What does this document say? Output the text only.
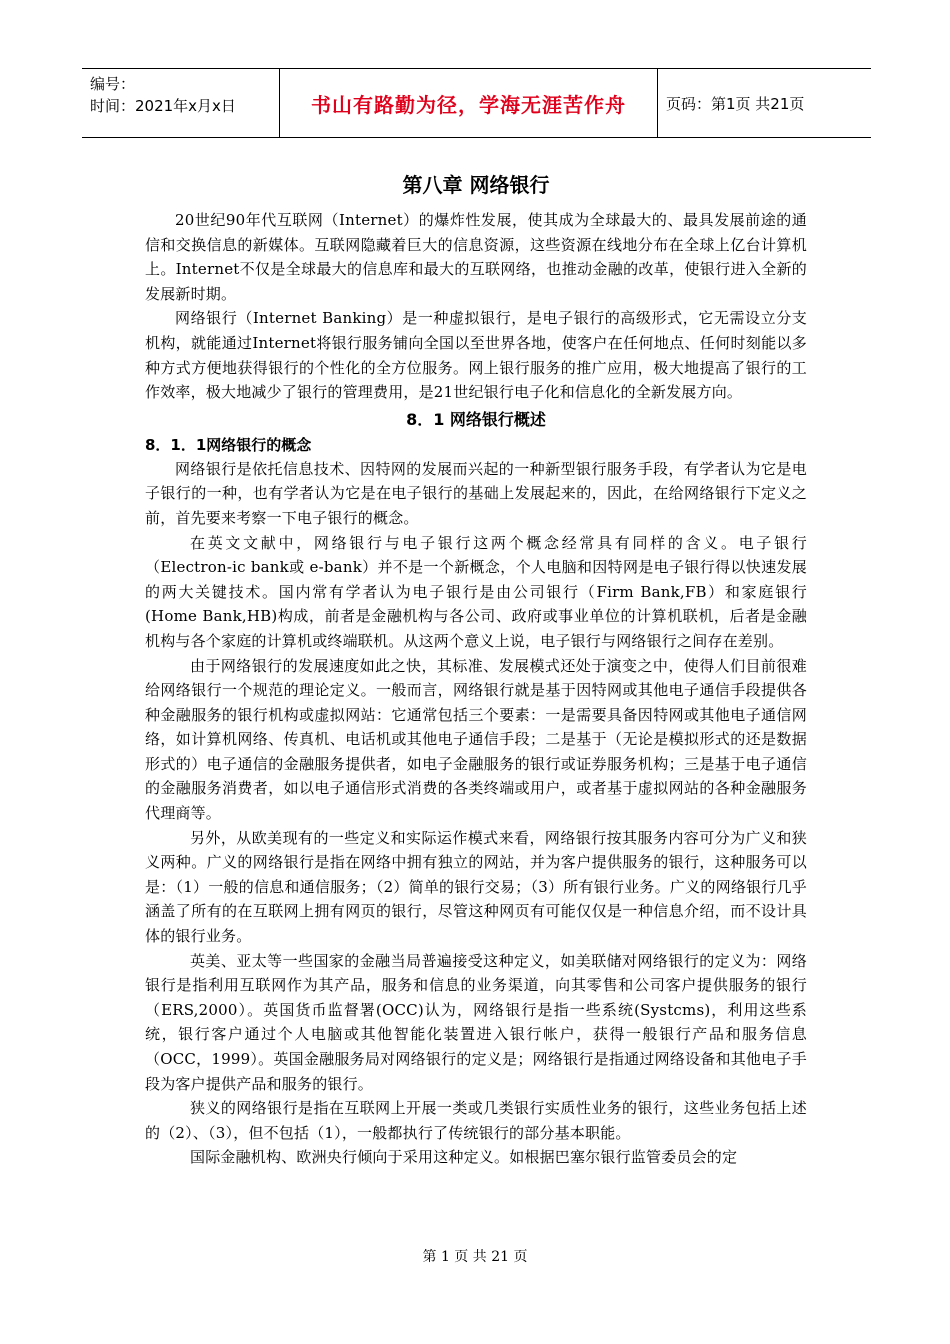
编号：
时间：2021年x月x日	书山有路勤为径，学海无涯苦作舟	页码：第1页 共21页
第八章 网络银行

20世纪90年代互联网（Internet）的爆炸性发展，使其成为全球最大的、最具发展前途的通信和交换信息的新媒体。互联网隐藏着巨大的信息资源，这些资源在线地分布在全球上亿台计算机上。Internet不仅是全球最大的信息库和最大的互联网络，也推动金融的改革，使银行进入全新的发展新时期。

网络银行（Internet Banking）是一种虚拟银行，是电子银行的高级形式，它无需设立分支机构，就能通过Internet将银行服务铺向全国以至世界各地，使客户在任何地点、任何时刻能以多种方式方便地获得银行的个性化的全方位服务。网上银行服务的推广应用，极大地提高了银行的工作效率，极大地减少了银行的管理费用，是21世纪银行电子化和信息化的全新发展方向。

8．1 网络银行概述
8．1．1网络银行的概念

网络银行是依托信息技术、因特网的发展而兴起的一种新型银行服务手段，有学者认为它是电子银行的一种，也有学者认为它是在电子银行的基础上发展起来的，因此，在给网络银行下定义之前，首先要来考察一下电子银行的概念。

在英文文献中，网络银行与电子银行这两个概念经常具有同样的含义。电子银行（Electron-ic bank或 e-bank）并不是一个新概念，个人电脑和因特网是电子银行得以快速发展的两大关键技术。国内常有学者认为电子银行是由公司银行（Firm Bank,FB）和家庭银行(Home Bank,HB)构成，前者是金融机构与各公司、政府或事业单位的计算机联机，后者是金融机构与各个家庭的计算机或终端联机。从这两个意义上说，电子银行与网络银行之间存在差别。

由于网络银行的发展速度如此之快，其标准、发展模式还处于演变之中，使得人们目前很难给网络银行一个规范的理论定义。一般而言，网络银行就是基于因特网或其他电子通信手段提供各种金融服务的银行机构或虚拟网站：它通常包括三个要素：一是需要具备因特网或其他电子通信网络，如计算机网络、传真机、电话机或其他电子通信手段；二是基于（无论是模拟形式的还是数据形式的）电子通信的金融服务提供者，如电子金融服务的银行或证券服务机构；三是基于电子通信的金融服务消费者，如以电子通信形式消费的各类终端或用户，或者基于虚拟网站的各种金融服务代理商等。

另外，从欧美现有的一些定义和实际运作模式来看，网络银行按其服务内容可分为广义和狭义两种。广义的网络银行是指在网络中拥有独立的网站，并为客户提供服务的银行，这种服务可以是：（1）一般的信息和通信服务；（2）简单的银行交易；（3）所有银行业务。广义的网络银行几乎涵盖了所有的在互联网上拥有网页的银行，尽管这种网页有可能仅仅是一种信息介绍，而不设计具体的银行业务。

英美、亚太等一些国家的金融当局普遍接受这种定义，如美联储对网络银行的定义为：网络银行是指利用互联网作为其产品，服务和信息的业务渠道，向其零售和公司客户提供服务的银行（ERS,2000）。英国货币监督署(OCC)认为，网络银行是指一些系统(Systcms)，利用这些系统，银行客户通过个人电脑或其他智能化装置进入银行帐户，获得一般银行产品和服务信息（OCC，1999）。英国金融服务局对网络银行的定义是；网络银行是指通过网络设备和其他电子手段为客户提供产品和服务的银行。

狭义的网络银行是指在互联网上开展一类或几类银行实质性业务的银行，这些业务包括上述的（2）、（3），但不包括（1），一般都执行了传统银行的部分基本职能。

国际金融机构、欧洲央行倾向于采用这种定义。如根据巴塞尔银行监管委员会的定

第 1 页 共 21 页
